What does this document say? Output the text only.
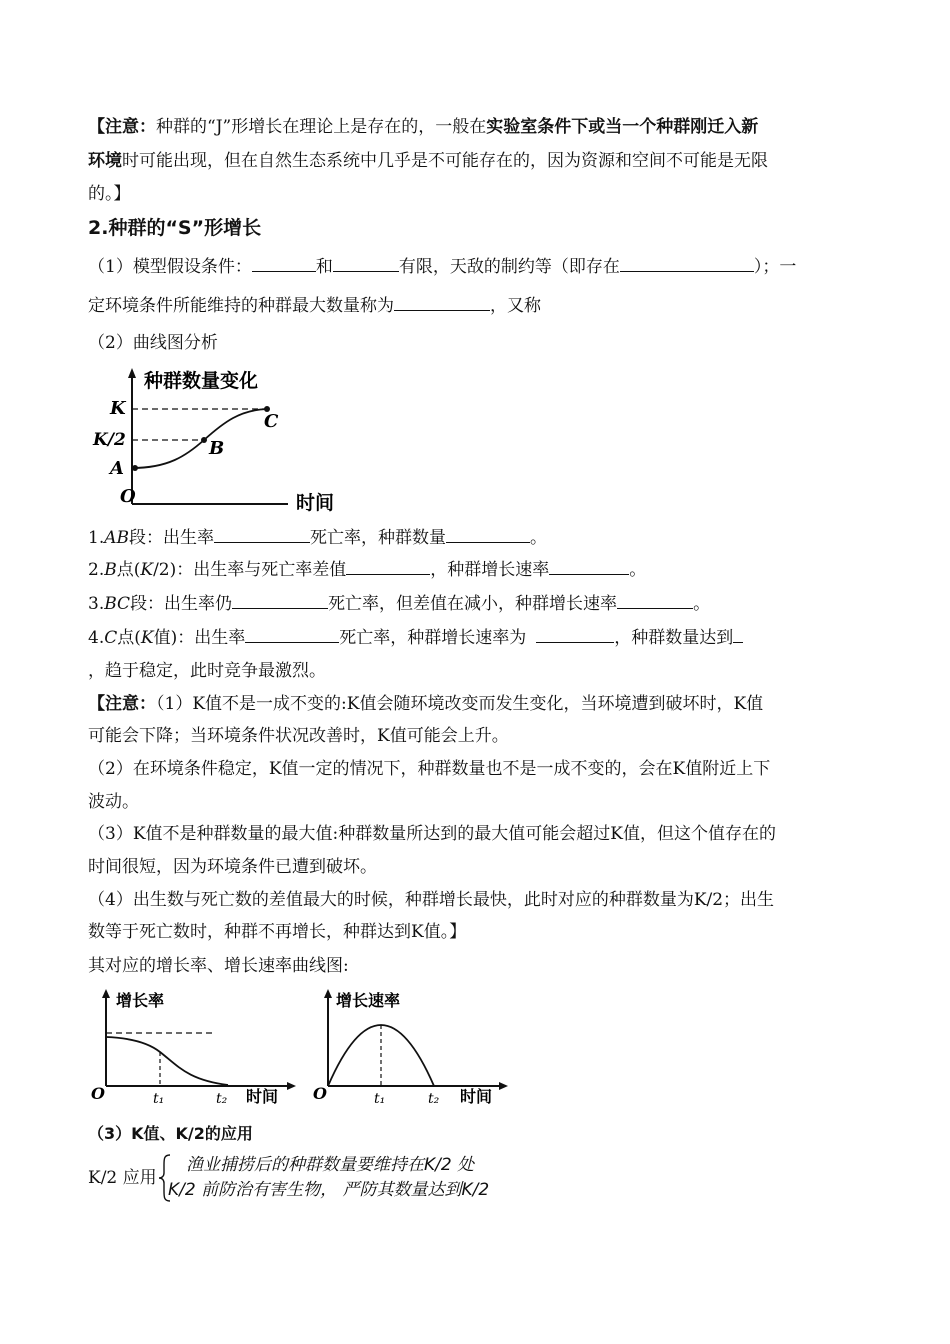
【注意：种群的“J”形增长在理论上是存在的，一般在实验室条件下或当一个种群刚迁入新
环境时可能出现，但在自然生态系统中几乎是不可能存在的，因为资源和空间不可能是无限
的。】
2.种群的“S”形增长
（1）模型假设条件：	和	有限，天敌的制约等（即存在	）；一
定环境条件所能维持的种群最大数量称为	，又称
（2）曲线图分析
种群数量变化
时间
K
K/2
A
B
C
O
1.AB段：出生率	死亡率，种群数量	。
2.B点(K/2)：出生率与死亡率差值	，种群增长速率	。
3.BC段：出生率仍	死亡率，但差值在减小，种群增长速率	。
4.C点(K值)：出生率	死亡率，种群增长速率为	，种群数量达到
，趋于稳定，此时竞争最激烈。
【注意：（1）K值不是一成不变的:K值会随环境改变而发生变化，当环境遭到破坏时，K值
可能会下降；当环境条件状况改善时，K值可能会上升。
（2）在环境条件稳定，K值一定的情况下，种群数量也不是一成不变的，会在K值附近上下
波动。
（3）K值不是种群数量的最大值:种群数量所达到的最大值可能会超过K值，但这个值存在的
时间很短，因为环境条件已遭到破坏。
（4）出生数与死亡数的差值最大的时候，种群增长最快，此时对应的种群数量为K/2；出生
数等于死亡数时，种群不再增长，种群达到K值。】
其对应的增长率、增长速率曲线图:
增长率
O	t₁	t₂ 时间
增长速率
O	t₁	t₂ 时间
（3）K值、K/2的应用
K/2 应用
渔业捕捞后的种群数量要维持在K/2 处
K/2 前防治有害生物， 严防其数量达到K/2
